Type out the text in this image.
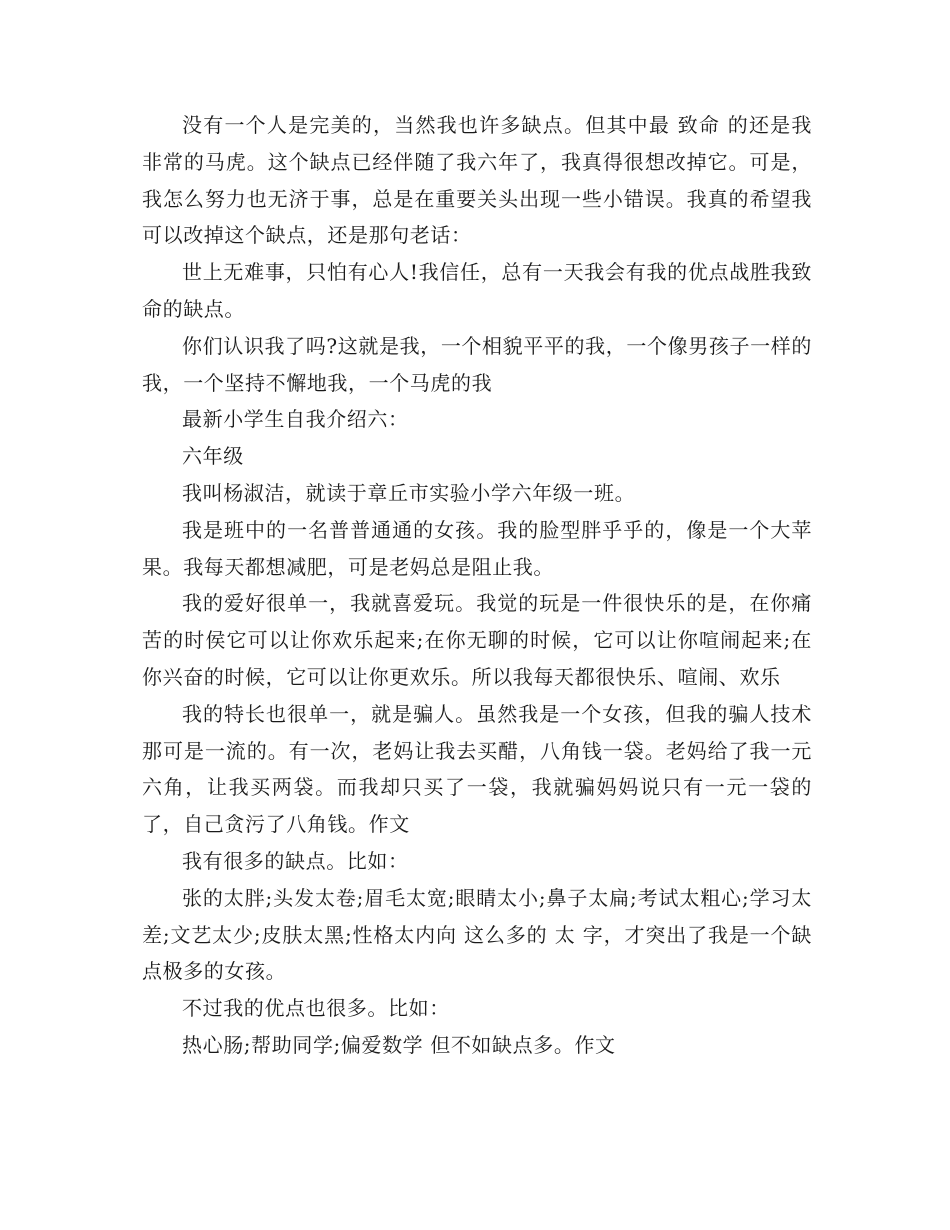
没有一个人是完美的，当然我也许多缺点。但其中最 致命 的还是我非常的马虎。这个缺点已经伴随了我六年了，我真得很想改掉它。可是，我怎么努力也无济于事，总是在重要关头出现一些小错误。我真的希望我可以改掉这个缺点，还是那句老话：

世上无难事，只怕有心人!我信任，总有一天我会有我的优点战胜我致命的缺点。

你们认识我了吗?这就是我，一个相貌平平的我，一个像男孩子一样的我，一个坚持不懈地我，一个马虎的我

最新小学生自我介绍六：

六年级

我叫杨淑洁，就读于章丘市实验小学六年级一班。

我是班中的一名普普通通的女孩。我的脸型胖乎乎的，像是一个大苹果。我每天都想减肥，可是老妈总是阻止我。

我的爱好很单一，我就喜爱玩。我觉的玩是一件很快乐的是，在你痛苦的时侯它可以让你欢乐起来;在你无聊的时候，它可以让你喧闹起来;在你兴奋的时候，它可以让你更欢乐。所以我每天都很快乐、喧闹、欢乐

我的特长也很单一，就是骗人。虽然我是一个女孩，但我的骗人技术那可是一流的。有一次，老妈让我去买醋，八角钱一袋。老妈给了我一元六角，让我买两袋。而我却只买了一袋，我就骗妈妈说只有一元一袋的了，自己贪污了八角钱。作文

我有很多的缺点。比如：

张的太胖;头发太卷;眉毛太宽;眼睛太小;鼻子太扁;考试太粗心;学习太差;文艺太少;皮肤太黑;性格太内向 这么多的 太 字，才突出了我是一个缺点极多的女孩。

不过我的优点也很多。比如：

热心肠;帮助同学;偏爱数学 但不如缺点多。作文
